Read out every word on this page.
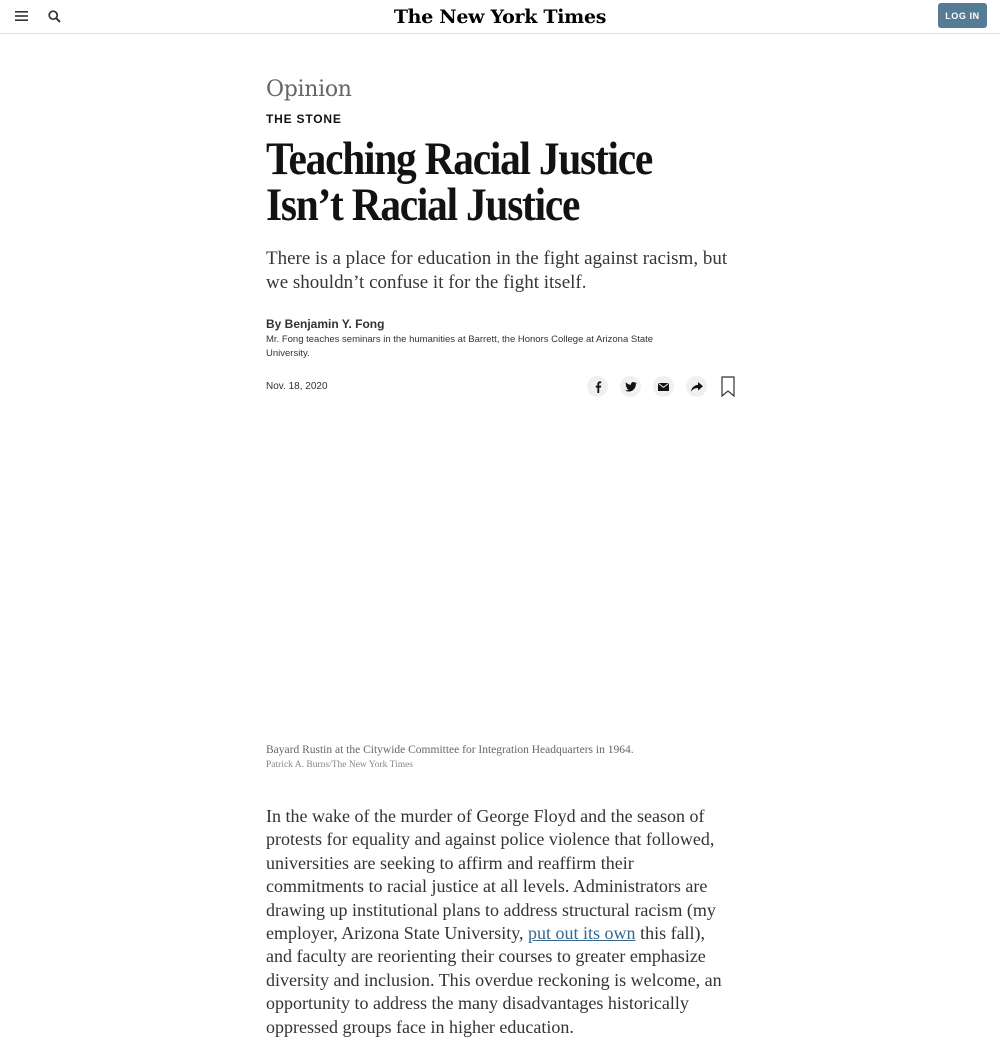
The New York Times	LOG IN
Opinion
THE STONE
Teaching Racial Justice Isn’t Racial Justice

There is a place for education in the fight against racism, but we shouldn’t confuse it for the fight itself.

By Benjamin Y. Fong
Mr. Fong teaches seminars in the humanities at Barrett, the Honors College at Arizona State University.
Nov. 18, 2020
Bayard Rustin at the Citywide Committee for Integration Headquarters in 1964.
Patrick A. Burns/The New York Times

In the wake of the murder of George Floyd and the season of protests for equality and against police violence that followed, universities are seeking to affirm and reaffirm their commitments to racial justice at all levels. Administrators are drawing up institutional plans to address structural racism (my employer, Arizona State University, put out its own this fall), and faculty are reorienting their courses to greater emphasize diversity and inclusion. This overdue reckoning is welcome, an opportunity to address the many disadvantages historically oppressed groups face in higher education.
